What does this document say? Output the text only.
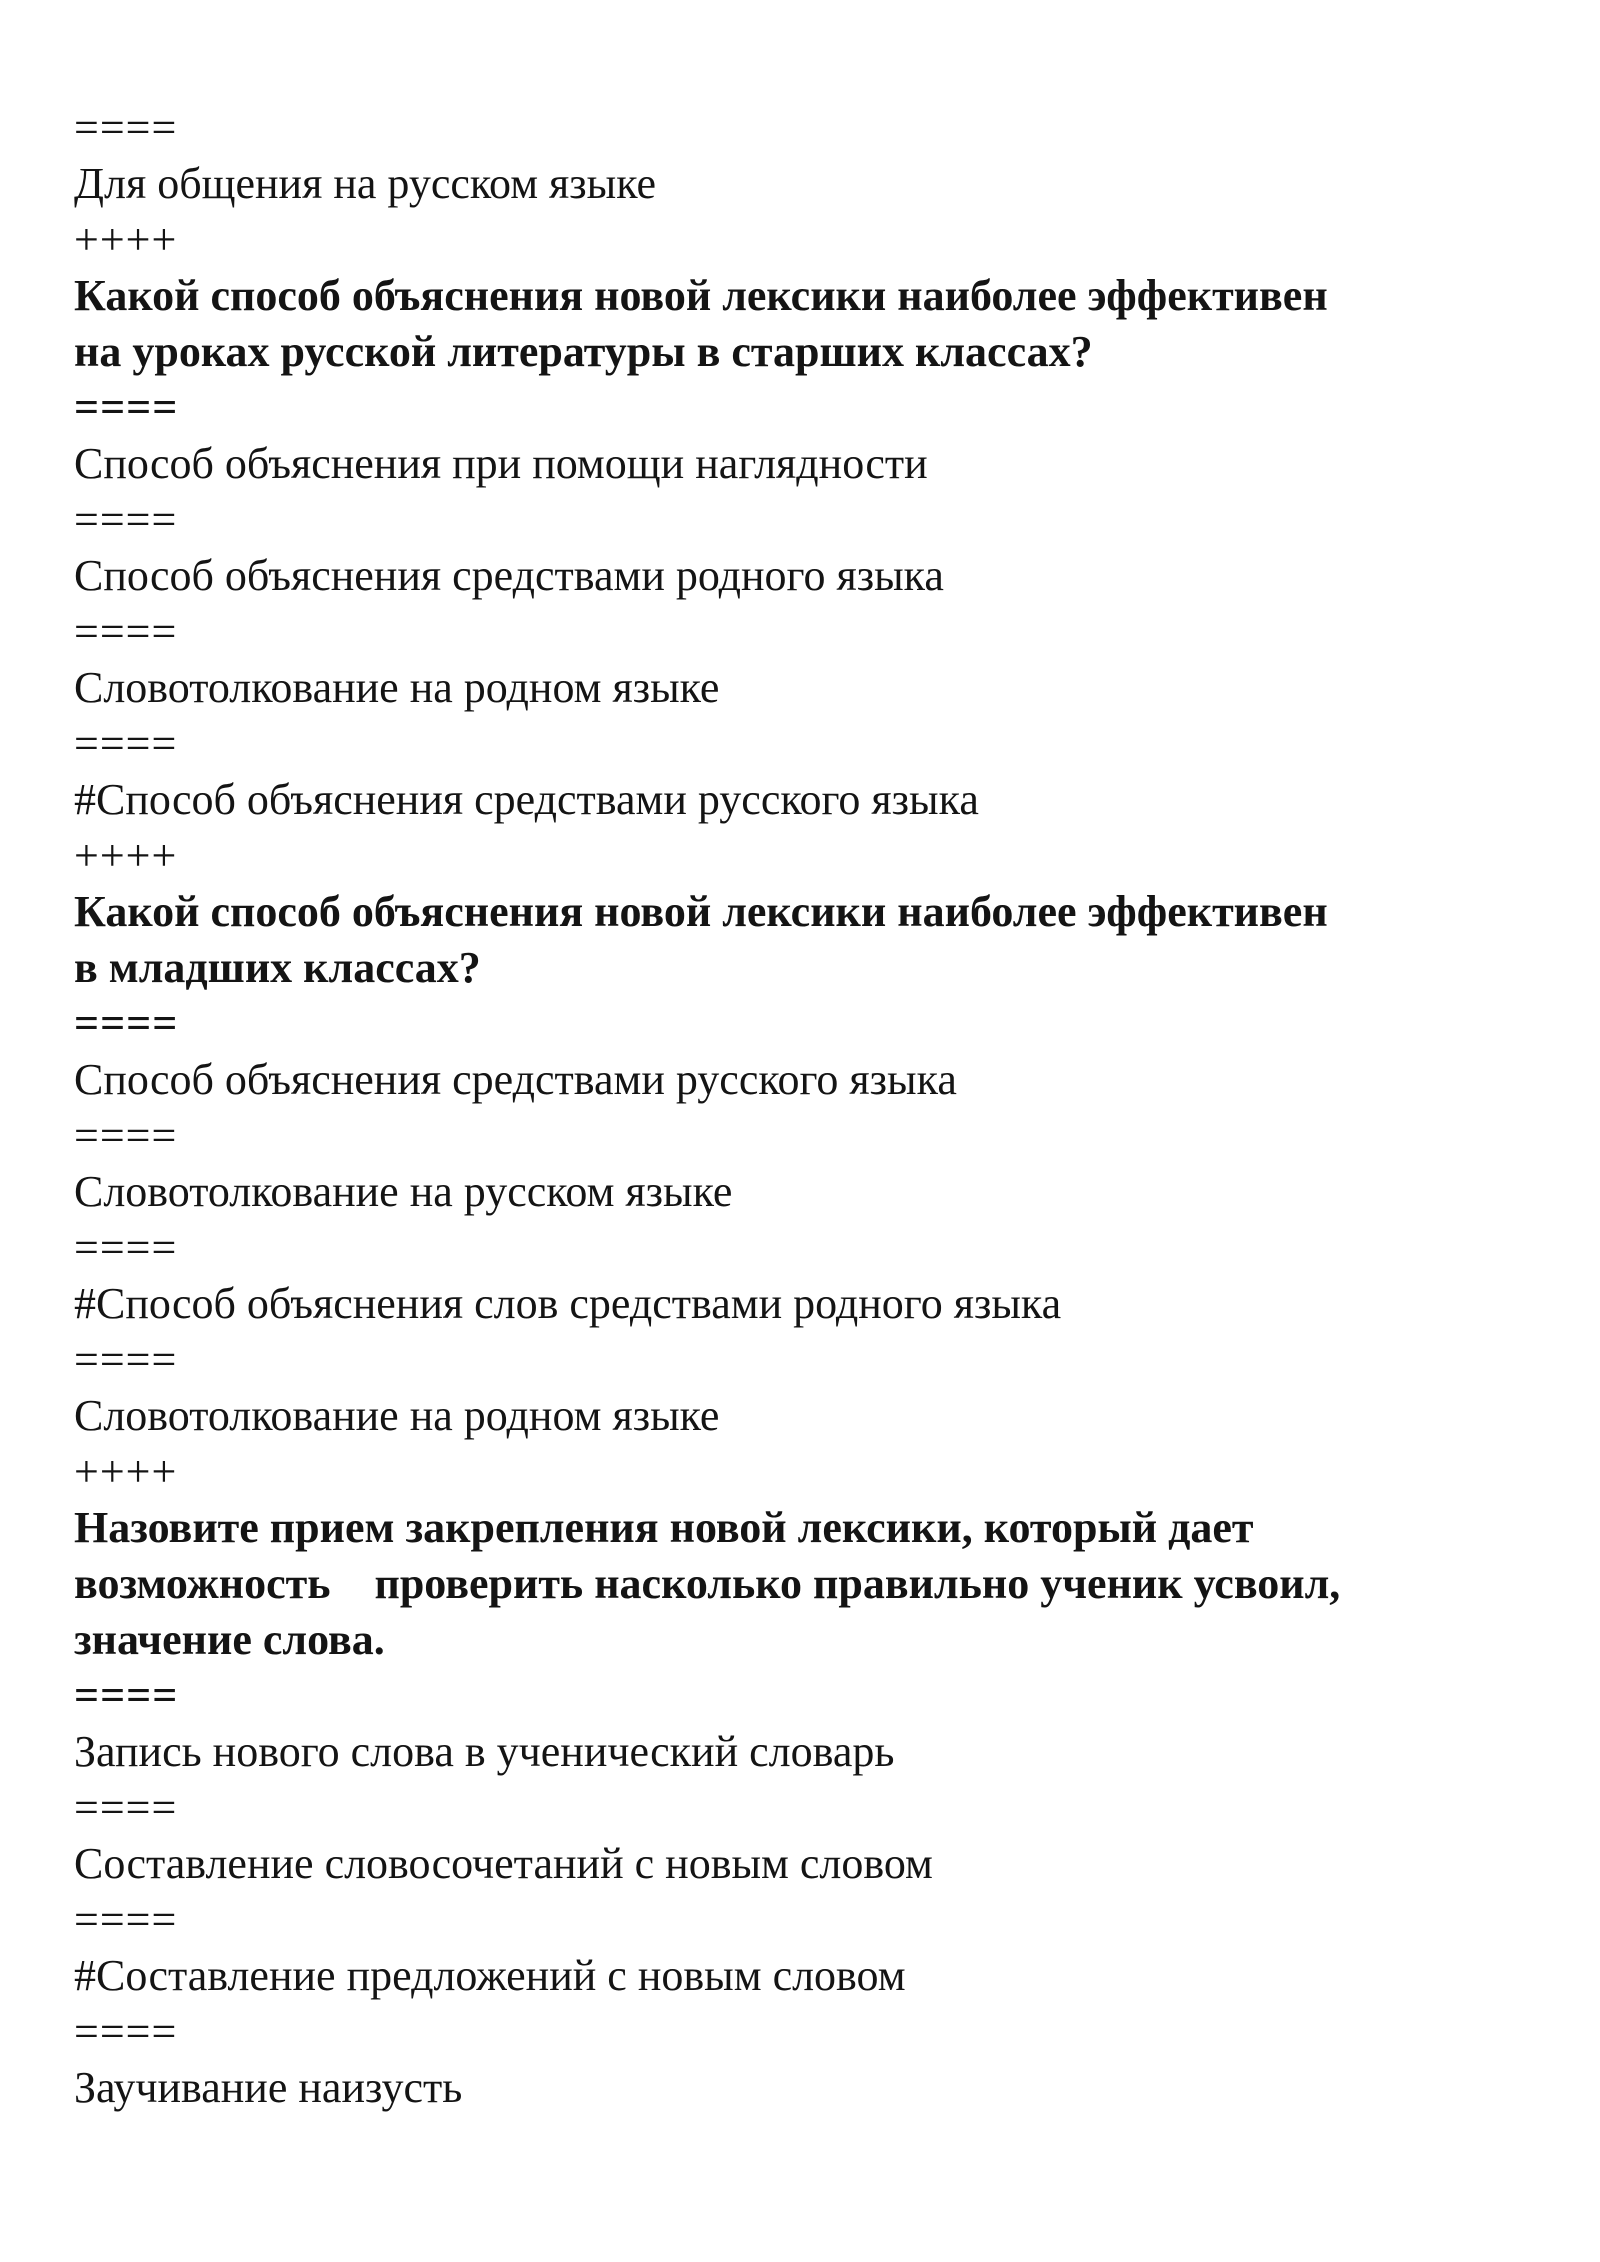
====
Для общения на русском языке
++++
Какой способ объяснения новой лексики наиболее эффективен
на уроках русской литературы в старших классах?
====
Способ объяснения при помощи наглядности
====
Способ объяснения средствами родного языка
====
Словотолкование на родном языке
====
#Способ объяснения средствами русского языка
++++
Какой способ объяснения новой лексики наиболее эффективен
в младших классах?
====
Способ объяснения средствами русского языка
====
Словотолкование на русском языке
====
#Способ объяснения слов средствами родного языка
====
Словотолкование на родном языке
++++
Назовите прием закрепления новой лексики, который дает
возможность    проверить насколько правильно ученик усвоил,
значение слова.
====
Запись нового слова в ученический словарь
====
Составление словосочетаний с новым словом
====
#Составление предложений с новым словом
====
Заучивание наизусть
